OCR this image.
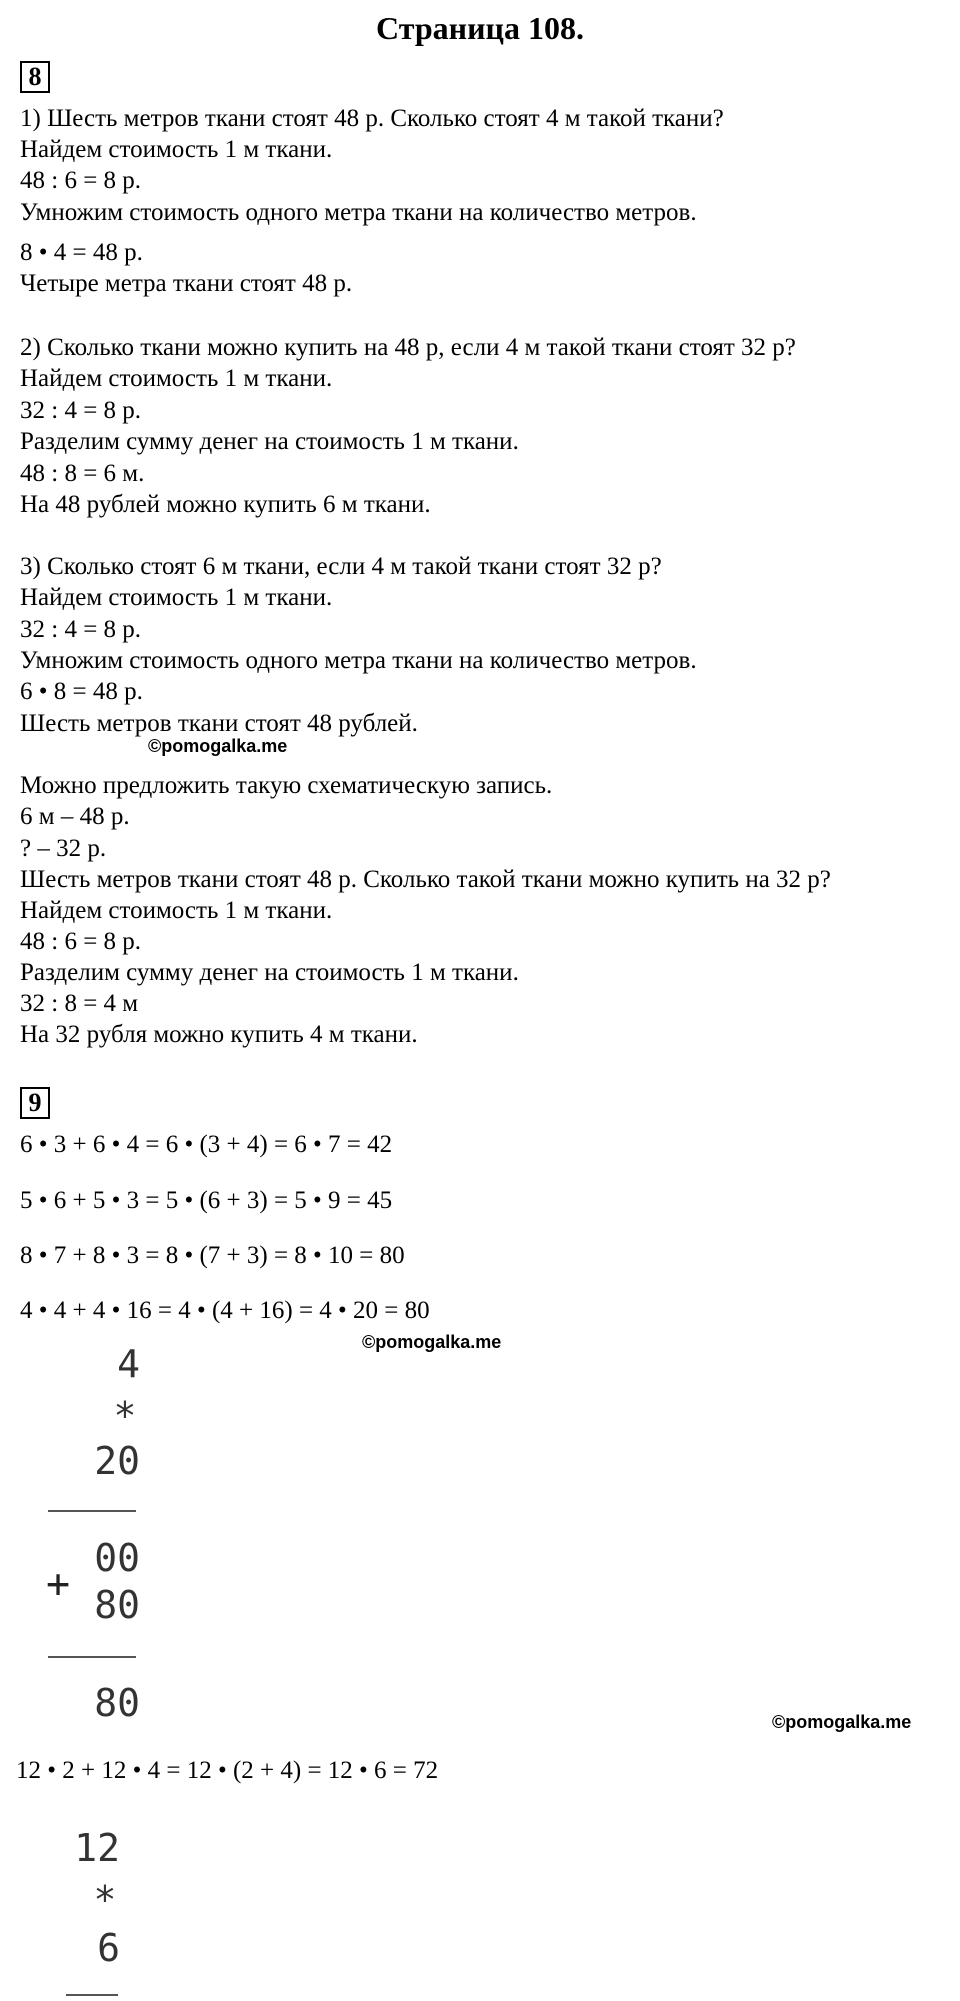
Страница 108.
8
1) Шесть метров ткани стоят 48 р. Сколько стоят 4 м такой ткани?
Найдем стоимость 1 м ткани.
48 : 6 = 8 р.
Умножим стоимость одного метра ткани на количество метров.
8 • 4 = 48 р.
Четыре метра ткани стоят 48 р.
2) Сколько ткани можно купить на 48 р, если 4 м такой ткани стоят 32 р?
Найдем стоимость 1 м ткани.
32 : 4 = 8 р.
Разделим сумму денег на стоимость 1 м ткани.
48 : 8 = 6 м.
На 48 рублей можно купить 6 м ткани.
3) Сколько стоят 6 м ткани, если 4 м такой ткани стоят 32 р?
Найдем стоимость 1 м ткани.
32 : 4 = 8 р.
Умножим стоимость одного метра ткани на количество метров.
6 • 8 = 48 р.
Шесть метров ткани стоят 48 рублей.
©pomogalka.me
Можно предложить такую схематическую запись.
6 м – 48 р.
? – 32 р.
Шесть метров ткани стоят 48 р. Сколько такой ткани можно купить на 32 р?
Найдем стоимость 1 м ткани.
48 : 6 = 8 р.
Разделим сумму денег на стоимость 1 м ткани.
32 : 8 = 4 м
На 32 рубля можно купить 4 м ткани.
9
6 • 3 + 6 • 4 = 6 • (3 + 4) = 6 • 7 = 42
5 • 6 + 5 • 3 = 5 • (6 + 3) = 5 • 9 = 45
8 • 7 + 8 • 3 = 8 • (7 + 3) = 8 • 10 = 80
4 • 4 + 4 • 16 = 4 • (4 + 16) = 4 • 20 = 80
©pomogalka.me
4
*
20
00
+ 80
80	©pomogalka.me
12 • 2 + 12 • 4 = 12 • (2 + 4) = 12 • 6 = 72
12
*
6
